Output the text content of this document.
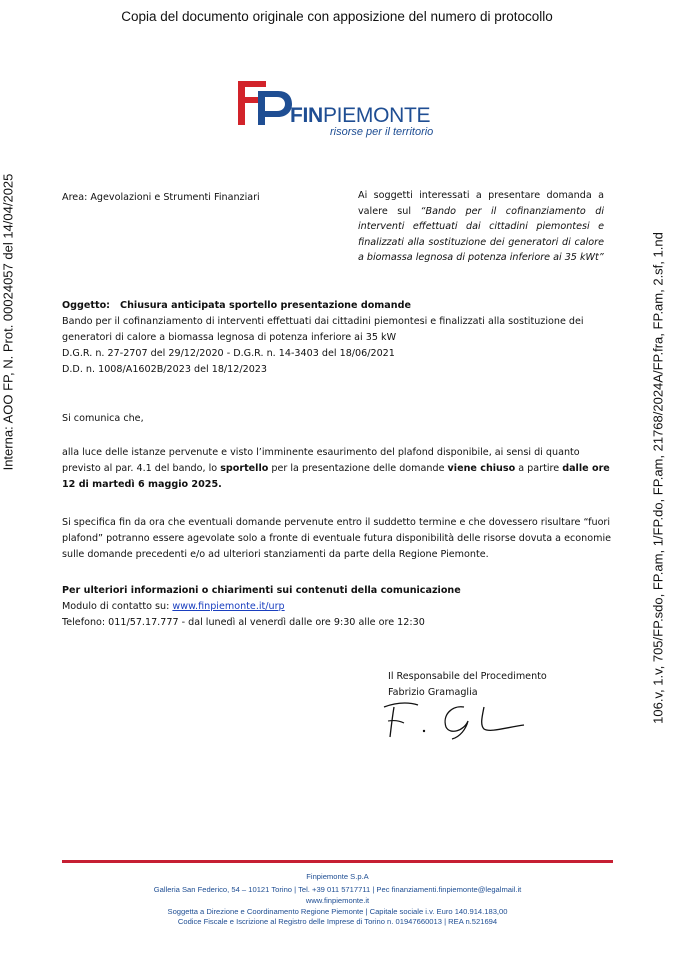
Copia del documento originale con apposizione del numero di protocollo
Interna: AOO FP, N. Prot. 00024057 del 14/04/2025	106.v, 1.v, 705/FP.sdo, FP.am, 1/FP.do, FP.am, 21768/2024A/FP.fra, FP.am, 2.sf, 1.nd
FINPIEMONTE
risorse per il territorio
Area: Agevolazioni e Strumenti Finanziari	Ai soggetti interessati a presentare domanda a valere sul “Bando per il cofinanziamento di interventi effettuati dai cittadini piemontesi e finalizzati alla sostituzione dei generatori di calore a biomassa legnosa di potenza inferiore ai 35 kWt”
Oggetto: Chiusura anticipata sportello presentazione domande
Bando per il cofinanziamento di interventi effettuati dai cittadini piemontesi e finalizzati alla sostituzione dei generatori di calore a biomassa legnosa di potenza inferiore ai 35 kW
D.G.R. n. 27-2707 del 29/12/2020 - D.G.R. n. 14-3403 del 18/06/2021
D.D. n. 1008/A1602B/2023 del 18/12/2023
Si comunica che,
alla luce delle istanze pervenute e visto l’imminente esaurimento del plafond disponibile, ai sensi di quanto previsto al par. 4.1 del bando, lo sportello per la presentazione delle domande viene chiuso a partire dalle ore 12 di martedì 6 maggio 2025.
Si specifica fin da ora che eventuali domande pervenute entro il suddetto termine e che dovessero risultare “fuori plafond” potranno essere agevolate solo a fronte di eventuale futura disponibilità delle risorse dovuta a economie sulle domande precedenti e/o ad ulteriori stanziamenti da parte della Regione Piemonte.
Per ulteriori informazioni o chiarimenti sui contenuti della comunicazione
Modulo di contatto su: www.finpiemonte.it/urp
Telefono: 011/57.17.777 - dal lunedì al venerdì dalle ore 9:30 alle ore 12:30
Il Responsabile del Procedimento
Fabrizio Gramaglia
Finpiemonte S.p.A
Galleria San Federico, 54 – 10121 Torino | Tel. +39 011 5717711 | Pec finanziamenti.finpiemonte@legalmail.it
www.finpiemonte.it
Soggetta a Direzione e Coordinamento Regione Piemonte | Capitale sociale i.v. Euro 140.914.183,00
Codice Fiscale e Iscrizione al Registro delle Imprese di Torino n. 01947660013 | REA n.521694
